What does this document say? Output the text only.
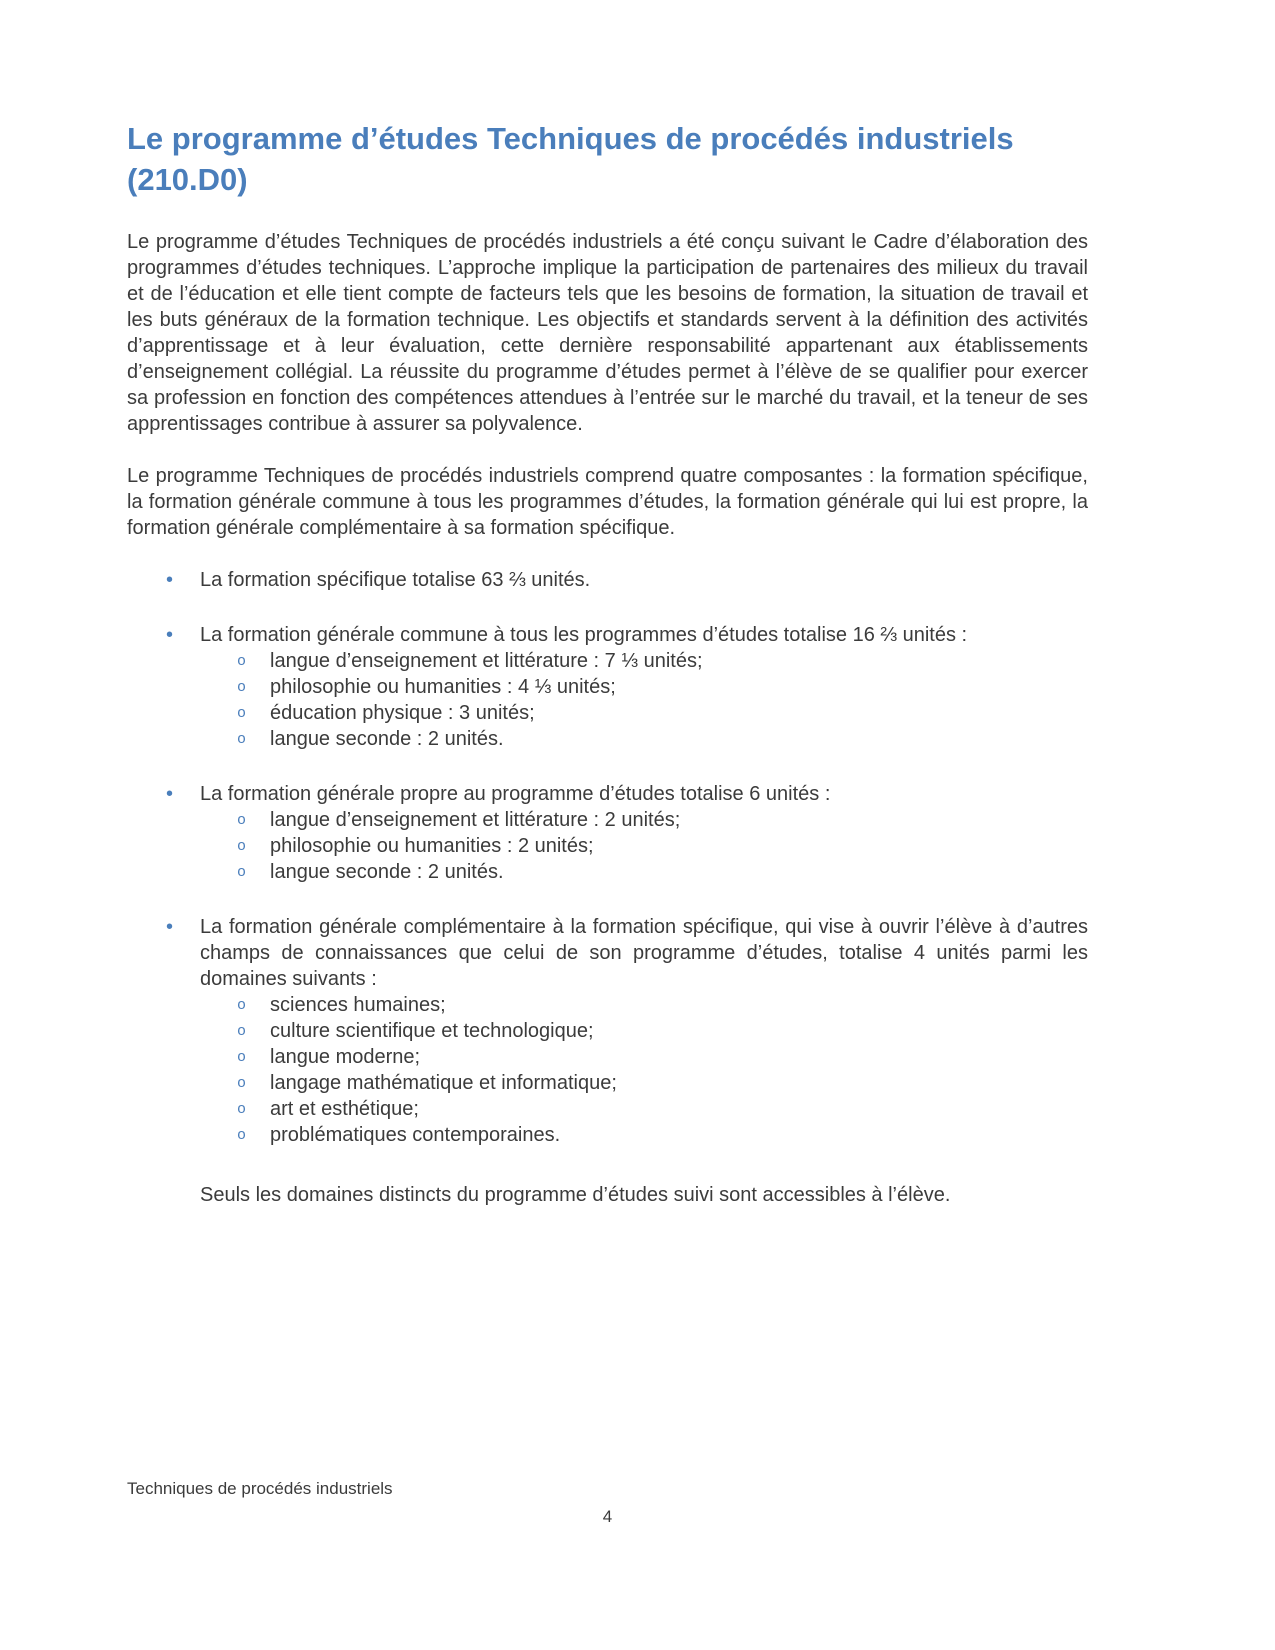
Le programme d’études Techniques de procédés industriels (210.D0)

Le programme d’études Techniques de procédés industriels a été conçu suivant le Cadre d’élaboration des programmes d’études techniques. L’approche implique la participation de partenaires des milieux du travail et de l’éducation et elle tient compte de facteurs tels que les besoins de formation, la situation de travail et les buts généraux de la formation technique. Les objectifs et standards servent à la définition des activités d’apprentissage et à leur évaluation, cette dernière responsabilité appartenant aux établissements d’enseignement collégial. La réussite du programme d’études permet à l’élève de se qualifier pour exercer sa profession en fonction des compétences attendues à l’entrée sur le marché du travail, et la teneur de ses apprentissages contribue à assurer sa polyvalence.

Le programme Techniques de procédés industriels comprend quatre composantes : la formation spécifique, la formation générale commune à tous les programmes d’études, la formation générale qui lui est propre, la formation générale complémentaire à sa formation spécifique.

• La formation spécifique totalise 63 ⅔ unités.
• La formation générale commune à tous les programmes d’études totalise 16 ⅔ unités :
o langue d’enseignement et littérature : 7 ⅓ unités;
o philosophie ou humanities : 4 ⅓ unités;
o éducation physique : 3 unités;
o langue seconde : 2 unités.
• La formation générale propre au programme d’études totalise 6 unités :
o langue d’enseignement et littérature : 2 unités;
o philosophie ou humanities : 2 unités;
o langue seconde : 2 unités.
• La formation générale complémentaire à la formation spécifique, qui vise à ouvrir l’élève à d’autres champs de connaissances que celui de son programme d’études, totalise 4 unités parmi les domaines suivants :
o sciences humaines;
o culture scientifique et technologique;
o langue moderne;
o langage mathématique et informatique;
o art et esthétique;
o problématiques contemporaines.

Seuls les domaines distincts du programme d’études suivi sont accessibles à l’élève.

Techniques de procédés industriels
4
